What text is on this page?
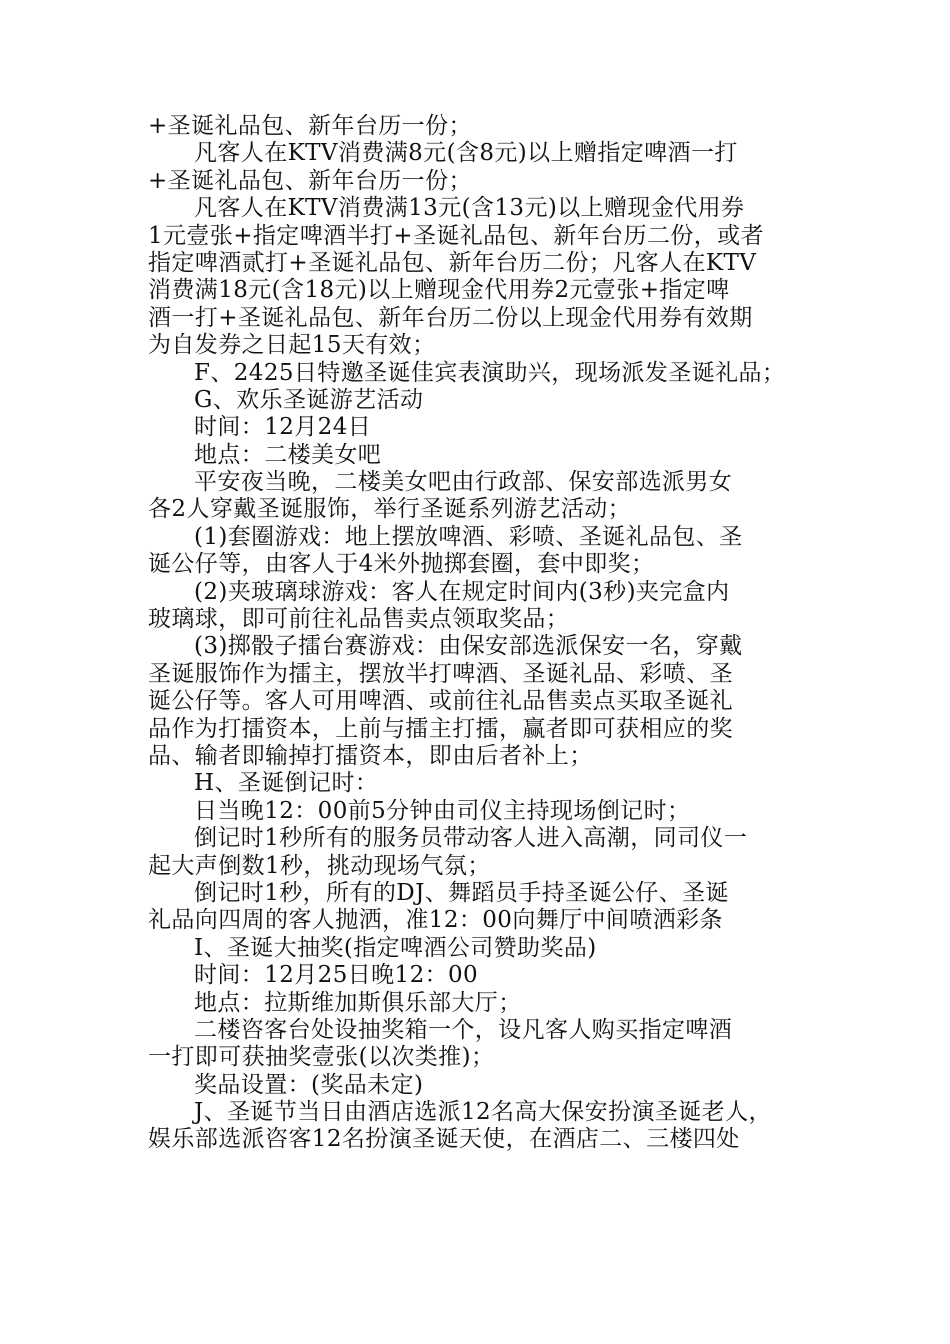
+圣诞礼品包、新年台历一份；
凡客人在KTV消费满8元(含8元)以上赠指定啤酒一打
+圣诞礼品包、新年台历一份；
凡客人在KTV消费满13元(含13元)以上赠现金代用券
1元壹张+指定啤酒半打+圣诞礼品包、新年台历二份，或者
指定啤酒贰打+圣诞礼品包、新年台历二份；凡客人在KTV
消费满18元(含18元)以上赠现金代用券2元壹张+指定啤
酒一打+圣诞礼品包、新年台历二份以上现金代用券有效期
为自发券之日起15天有效；
F、2425日特邀圣诞佳宾表演助兴，现场派发圣诞礼品；
G、欢乐圣诞游艺活动
时间：12月24日
地点：二楼美女吧
平安夜当晚，二楼美女吧由行政部、保安部选派男女
各2人穿戴圣诞服饰，举行圣诞系列游艺活动；
(1)套圈游戏：地上摆放啤酒、彩喷、圣诞礼品包、圣
诞公仔等，由客人于4米外抛掷套圈，套中即奖；
(2)夹玻璃球游戏：客人在规定时间内(3秒)夹完盒内
玻璃球，即可前往礼品售卖点领取奖品；
(3)掷骰子擂台赛游戏：由保安部选派保安一名，穿戴
圣诞服饰作为擂主，摆放半打啤酒、圣诞礼品、彩喷、圣
诞公仔等。客人可用啤酒、或前往礼品售卖点买取圣诞礼
品作为打擂资本，上前与擂主打擂，赢者即可获相应的奖
品、输者即输掉打擂资本，即由后者补上；
H、圣诞倒记时：
日当晚12：00前5分钟由司仪主持现场倒记时；
倒记时1秒所有的服务员带动客人进入高潮，同司仪一
起大声倒数1秒，挑动现场气氛；
倒记时1秒，所有的DJ、舞蹈员手持圣诞公仔、圣诞
礼品向四周的客人抛洒，准12：00向舞厅中间喷洒彩条
I、圣诞大抽奖(指定啤酒公司赞助奖品)
时间：12月25日晚12：00
地点：拉斯维加斯俱乐部大厅；
二楼咨客台处设抽奖箱一个，设凡客人购买指定啤酒
一打即可获抽奖壹张(以次类推)；
奖品设置：(奖品未定)
J、圣诞节当日由酒店选派12名高大保安扮演圣诞老人，
娱乐部选派咨客12名扮演圣诞天使，在酒店二、三楼四处
